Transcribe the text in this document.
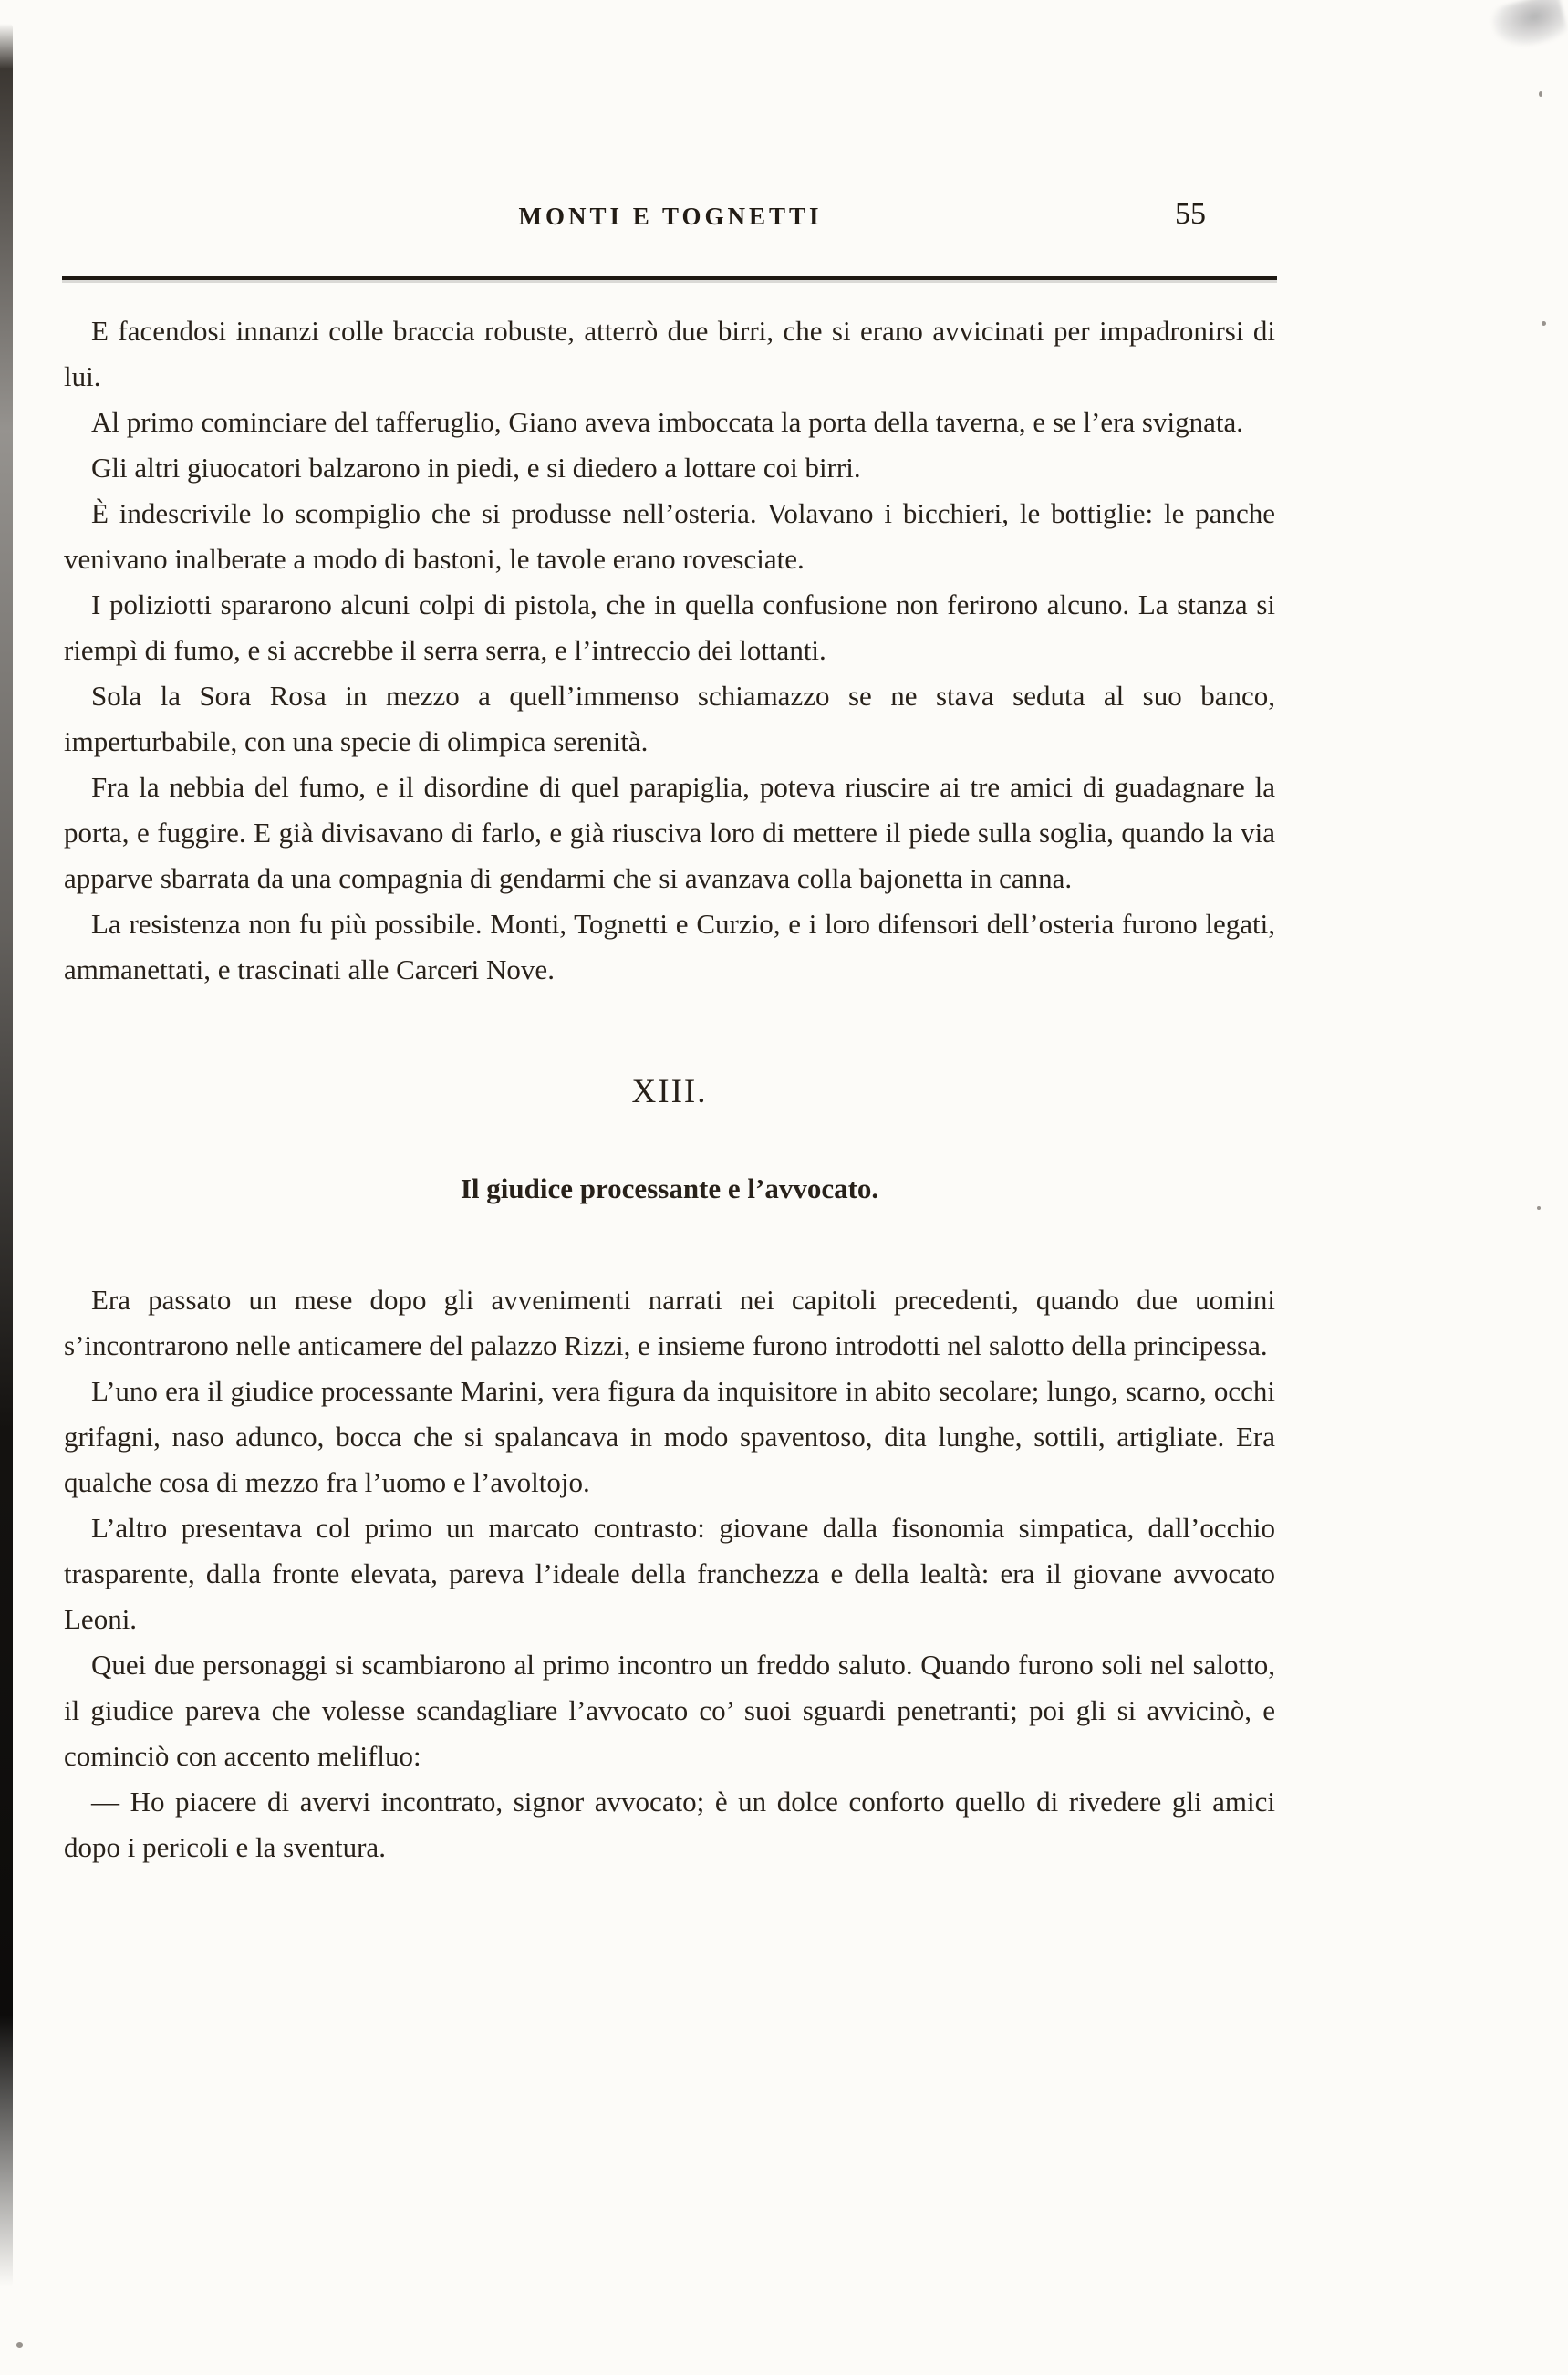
MONTI E TOGNETTI	55

E facendosi innanzi colle braccia robuste, atterrò due birri, che si erano avvicinati per impadronirsi di lui.

Al primo cominciare del tafferuglio, Giano aveva imboccata la porta della taverna, e se l’era svignata.

Gli altri giuocatori balzarono in piedi, e si diedero a lottare coi birri.

È indescrivile lo scompiglio che si produsse nell’osteria. Volavano i bicchieri, le bottiglie: le panche venivano inalberate a modo di bastoni, le tavole erano rovesciate.

I poliziotti spararono alcuni colpi di pistola, che in quella confusione non ferirono alcuno. La stanza si riempì di fumo, e si accrebbe il serra serra, e l’intreccio dei lottanti.

Sola la Sora Rosa in mezzo a quell’immenso schiamazzo se ne stava seduta al suo banco, imperturbabile, con una specie di olimpica serenità.

Fra la nebbia del fumo, e il disordine di quel parapiglia, poteva riuscire ai tre amici di guadagnare la porta, e fuggire. E già divisavano di farlo, e già riusciva loro di mettere il piede sulla soglia, quando la via apparve sbarrata da una compagnia di gendarmi che si avanzava colla bajonetta in canna.

La resistenza non fu più possibile. Monti, Tognetti e Curzio, e i loro difensori dell’osteria furono legati, ammanettati, e trascinati alle Carceri Nove.

XIII.
Il giudice processante e l’avvocato.

Era passato un mese dopo gli avvenimenti narrati nei capitoli precedenti, quando due uomini s’incontrarono nelle anticamere del palazzo Rizzi, e insieme furono introdotti nel salotto della principessa.

L’uno era il giudice processante Marini, vera figura da inquisitore in abito secolare; lungo, scarno, occhi grifagni, naso adunco, bocca che si spalancava in modo spaventoso, dita lunghe, sottili, artigliate. Era qualche cosa di mezzo fra l’uomo e l’avoltojo.

L’altro presentava col primo un marcato contrasto: giovane dalla fisonomia simpatica, dall’occhio trasparente, dalla fronte elevata, pareva l’ideale della franchezza e della lealtà: era il giovane avvocato Leoni.

Quei due personaggi si scambiarono al primo incontro un freddo saluto. Quando furono soli nel salotto, il giudice pareva che volesse scandagliare l’avvocato co’ suoi sguardi penetranti; poi gli si avvicinò, e cominciò con accento melifluo:

— Ho piacere di avervi incontrato, signor avvocato; è un dolce conforto quello di rivedere gli amici dopo i pericoli e la sventura.
